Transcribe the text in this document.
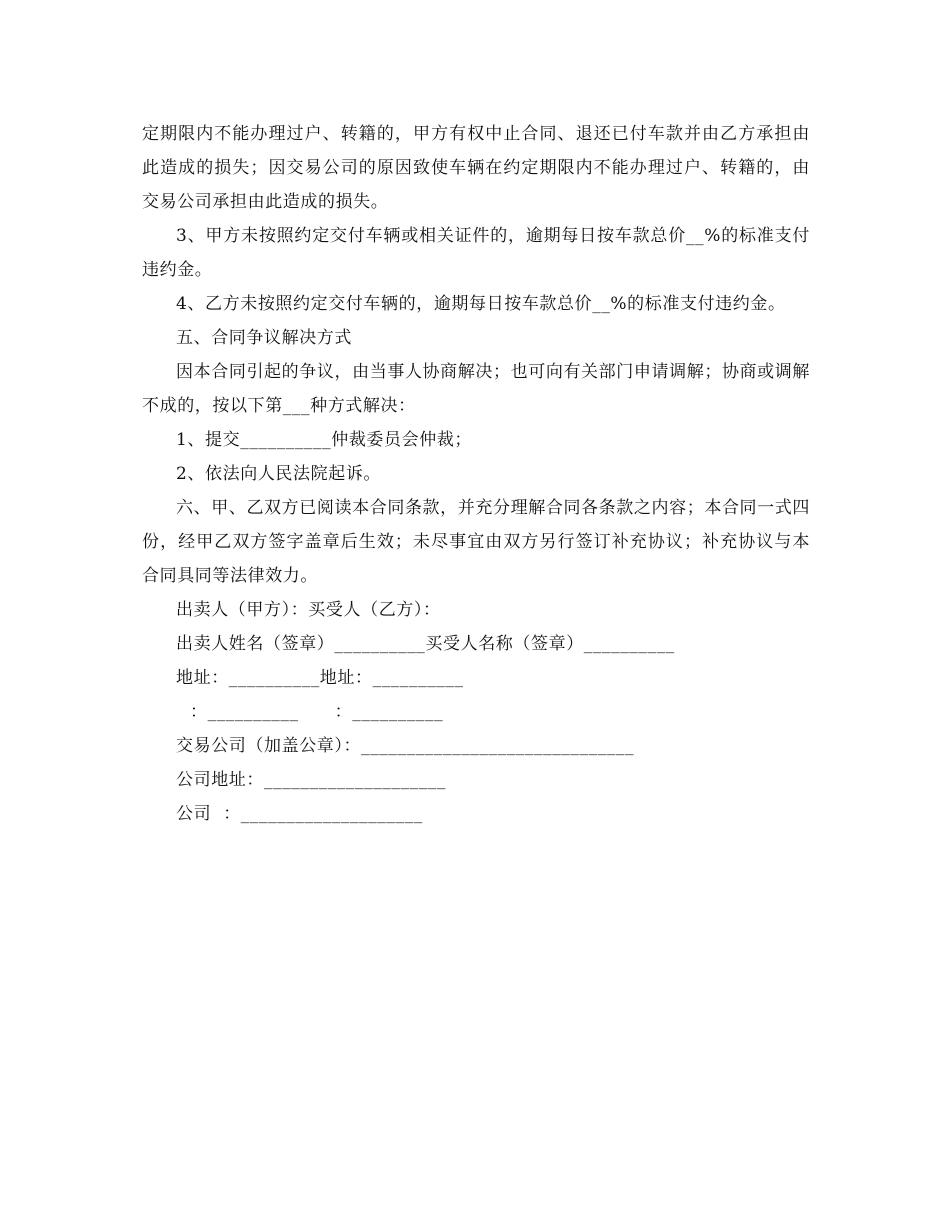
定期限内不能办理过户、转籍的，甲方有权中止合同、退还已付车款并由乙方承担由此造成的损失；因交易公司的原因致使车辆在约定期限内不能办理过户、转籍的，由交易公司承担由此造成的损失。

3、甲方未按照约定交付车辆或相关证件的，逾期每日按车款总价__%的标准支付违约金。

4、乙方未按照约定交付车辆的，逾期每日按车款总价__%的标准支付违约金。

五、合同争议解决方式

因本合同引起的争议，由当事人协商解决；也可向有关部门申请调解；协商或调解不成的，按以下第___种方式解决：

1、提交__________仲裁委员会仲裁；

2、依法向人民法院起诉。

六、甲、乙双方已阅读本合同条款，并充分理解合同各条款之内容；本合同一式四份，经甲乙双方签字盖章后生效；未尽事宜由双方另行签订补充协议；补充协议与本合同具同等法律效力。

出卖人（甲方）：买受人（乙方）：

出卖人姓名（签章）__________买受人名称（签章）__________

地址：__________地址：__________

：__________      ：__________

交易公司（加盖公章）：______________________________

公司地址：____________________

公司  ：____________________
